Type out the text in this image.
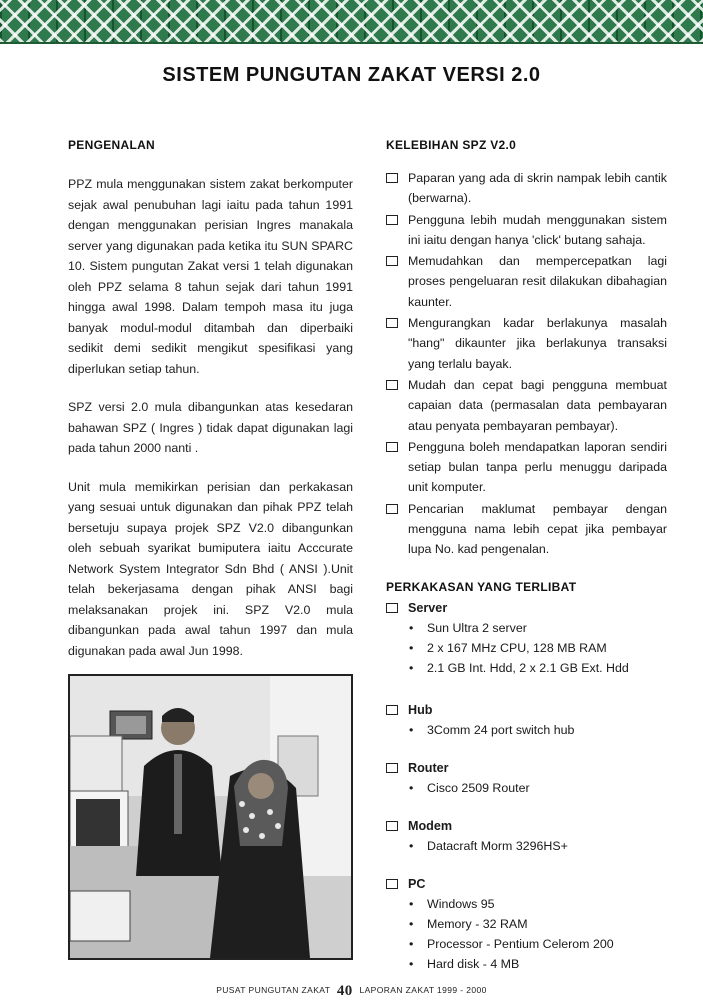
SISTEM PUNGUTAN ZAKAT VERSI 2.0
PENGENALAN

PPZ mula menggunakan sistem zakat berkomputer sejak awal penubuhan lagi iaitu pada tahun 1991 dengan menggunakan perisian Ingres manakala server yang digunakan pada ketika itu SUN SPARC 10. Sistem pungutan Zakat versi 1 telah digunakan oleh PPZ selama 8 tahun sejak dari tahun 1991 hingga awal 1998. Dalam tempoh masa itu juga banyak modul-modul ditambah dan diperbaiki sedikit demi sedikit mengikut spesifikasi yang diperlukan setiap tahun.

SPZ versi 2.0 mula dibangunkan atas kesedaran bahawan SPZ ( Ingres ) tidak dapat digunakan lagi pada tahun 2000 nanti .

Unit mula memikirkan perisian dan perkakasan yang sesuai untuk digunakan dan pihak PPZ telah bersetuju supaya projek SPZ V2.0 dibangunkan oleh sebuah syarikat bumiputera iaitu Acccurate Network System Integrator Sdn Bhd ( ANSI ).Unit telah bekerjasama dengan pihak ANSI bagi melaksanakan projek ini. SPZ V2.0 mula dibangunkan pada awal tahun 1997 dan mula digunakan pada awal Jun 1998.

KELEBIHAN SPZ V2.0
Paparan yang ada di skrin nampak lebih cantik (berwarna).
Pengguna lebih mudah menggunakan sistem ini iaitu dengan hanya 'click' butang sahaja.
Memudahkan dan mempercepatkan lagi proses pengeluaran resit dilakukan dibahagian kaunter.
Mengurangkan kadar berlakunya masalah "hang" dikaunter jika berlakunya transaksi yang terlalu bayak.
Mudah dan cepat bagi pengguna membuat capaian data (permasalan data pembayaran atau penyata pembayaran pembayar).
Pengguna boleh mendapatkan laporan sendiri setiap bulan tanpa perlu menuggu daripada unit komputer.
Pencarian maklumat pembayar dengan mengguna nama lebih cepat jika pembayar lupa No. kad pengenalan.
PERKAKASAN YANG TERLIBAT
Server
•	Sun Ultra 2 server
•	2 x 167 MHz CPU, 128 MB RAM
•	2.1 GB Int. Hdd, 2 x 2.1 GB Ext. Hdd
Hub
•	3Comm 24 port switch hub
Router
•	Cisco 2509 Router
Modem
•	Datacraft Morm 3296HS+
PC
•	Windows 95
•	Memory - 32 RAM
•	Processor - Pentium Celerom 200
•	Hard disk - 4 MB
PUSAT PUNGUTAN ZAKAT 40 LAPORAN ZAKAT 1999 - 2000
